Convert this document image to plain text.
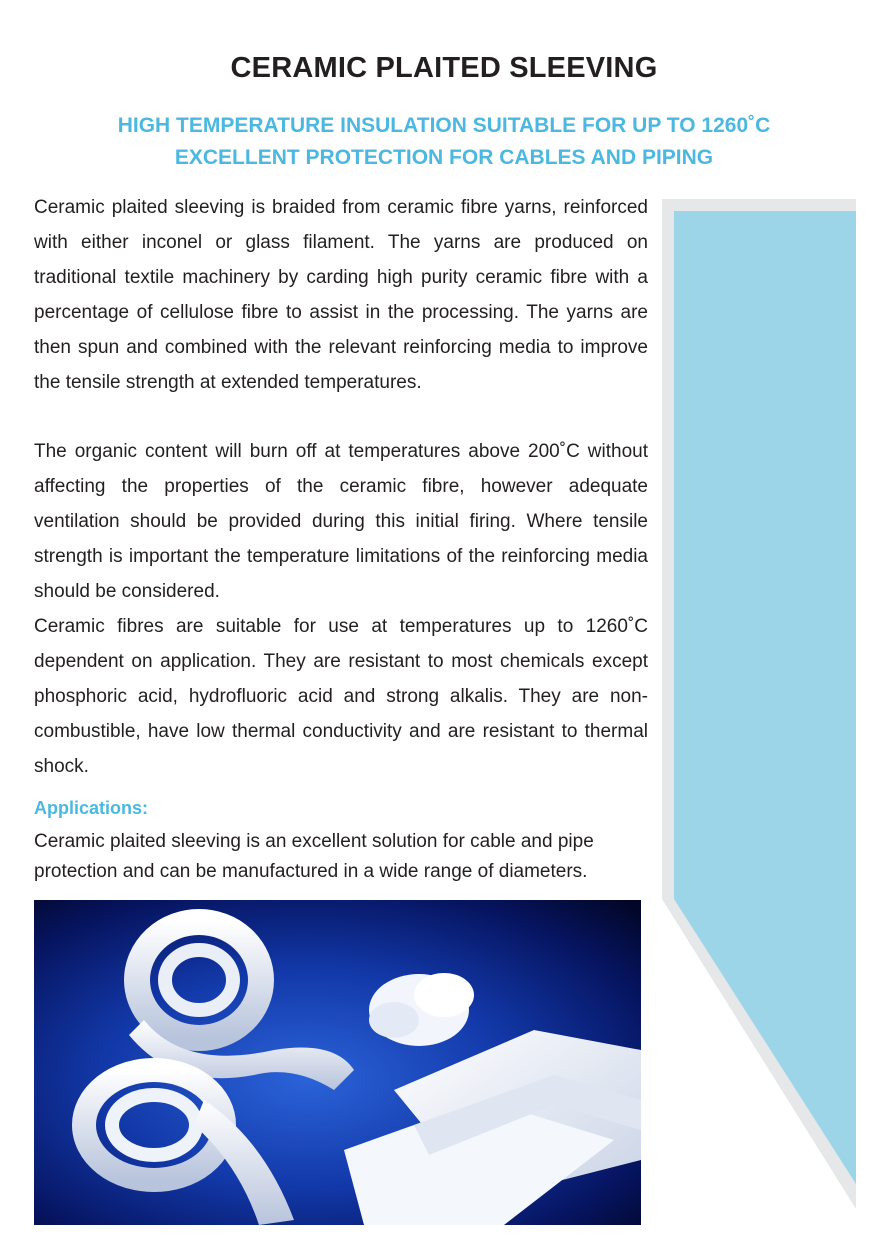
CERAMIC PLAITED SLEEVING
HIGH TEMPERATURE INSULATION SUITABLE FOR UP TO 1260˚C
EXCELLENT PROTECTION FOR CABLES AND PIPING

Ceramic plaited sleeving is braided from ceramic fibre yarns, reinforced with either inconel or glass filament. The yarns are produced on traditional textile machinery by carding high purity ceramic fibre with a percentage of cellulose fibre to assist in the processing. The yarns are then spun and combined with the relevant reinforcing media to improve the tensile strength at extended temperatures.

The organic content will burn off at temperatures above 200˚C without affecting the properties of the ceramic fibre, however adequate ventilation should be provided during this initial firing. Where tensile strength is important the temperature limitations of the reinforcing media should be considered.

Ceramic fibres are suitable for use at temperatures up to 1260˚C dependent on application. They are resistant to most chemicals except phosphoric acid, hydrofluoric acid and strong alkalis. They are non-combustible, have low thermal conductivity and are resistant to thermal shock.

Applications:

Ceramic plaited sleeving is an excellent solution for cable and pipe protection and can be manufactured in a wide range of diameters.
